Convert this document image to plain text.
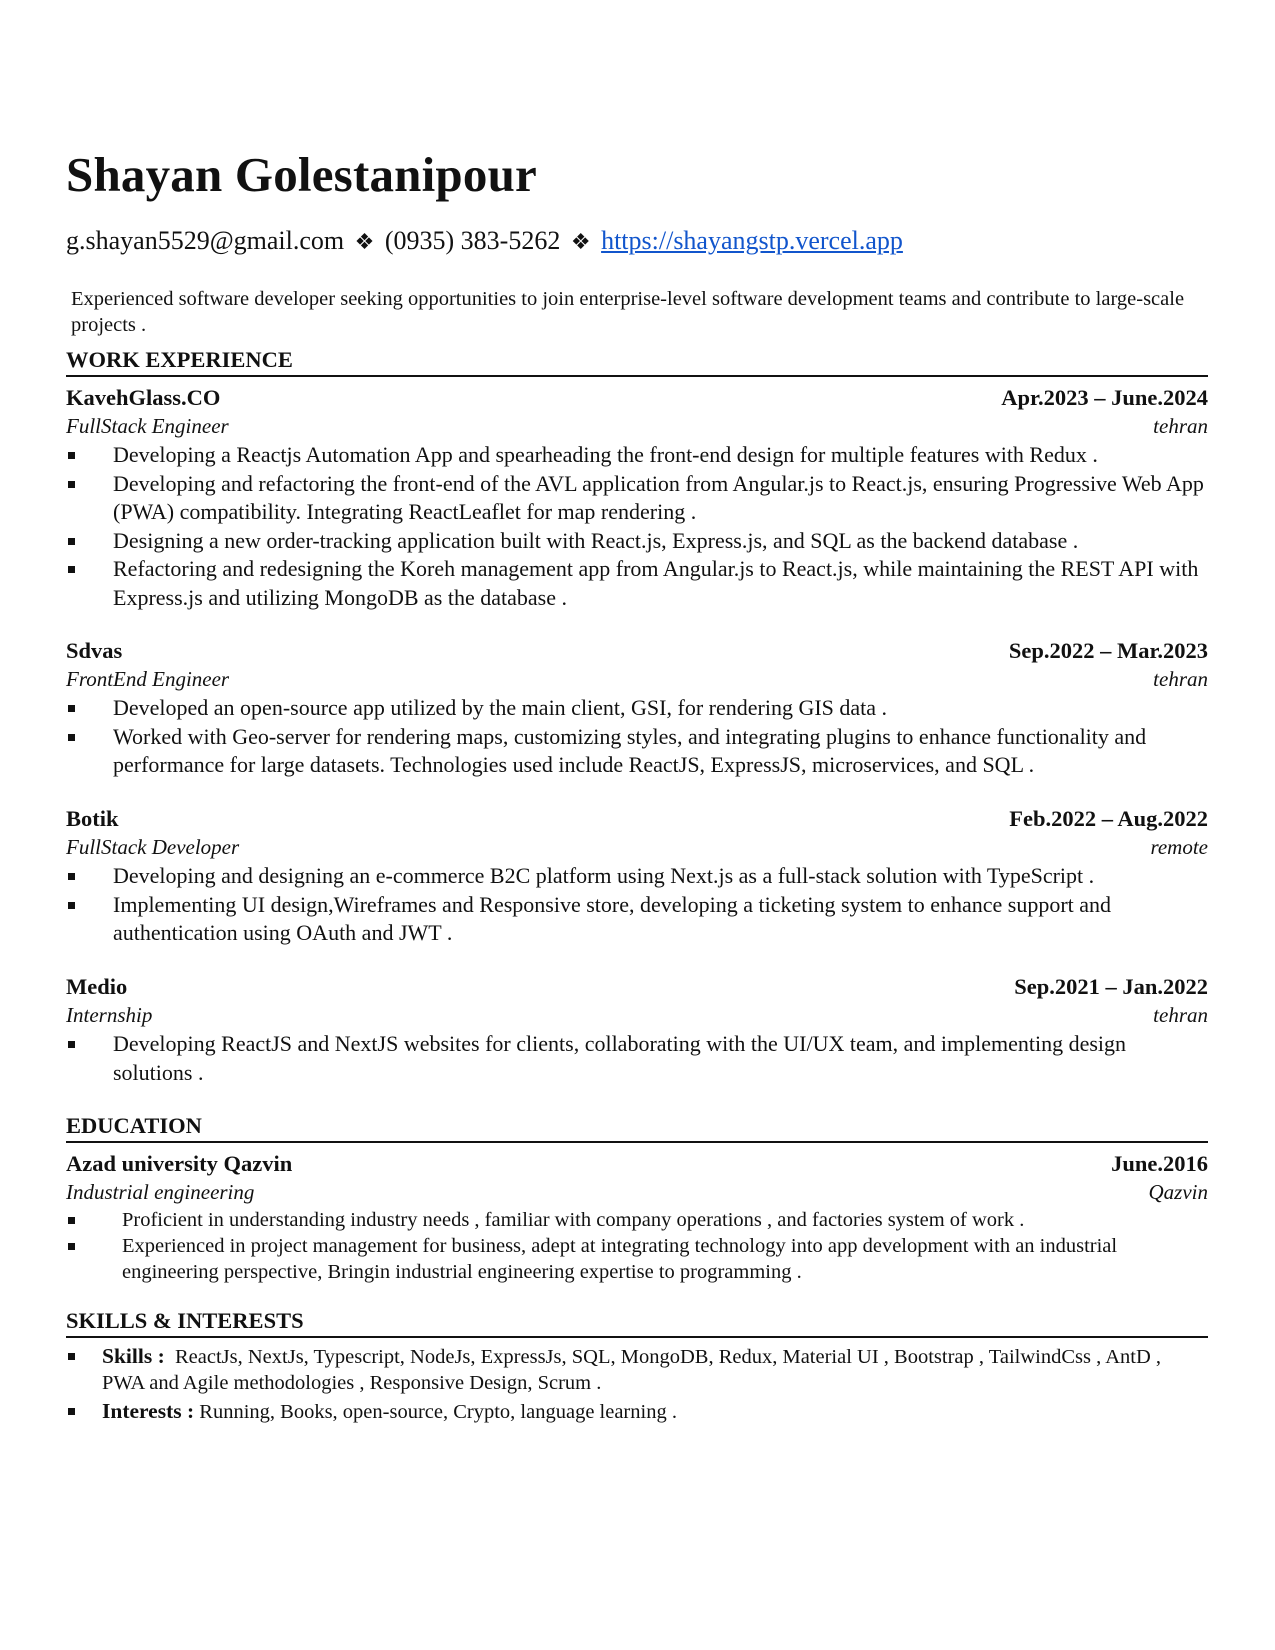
Shayan Golestanipour
g.shayan5529@gmail.com ❖ (0935) 383-5262 ❖ https://shayangstp.vercel.app
Experienced software developer seeking opportunities to join enterprise-level software development teams and contribute to large-scale projects .
WORK EXPERIENCE
KavehGlass.CO	Apr.2023 – June.2024
FullStack Engineer	tehran
Developing a Reactjs Automation App and spearheading the front-end design for multiple features with Redux .
Developing and refactoring the front-end of the AVL application from Angular.js to React.js, ensuring Progressive Web App (PWA) compatibility. Integrating ReactLeaflet for map rendering .
Designing a new order-tracking application built with React.js, Express.js, and SQL as the backend database .
Refactoring and redesigning the Koreh management app from Angular.js to React.js, while maintaining the REST API with Express.js and utilizing MongoDB as the database .
Sdvas	Sep.2022 – Mar.2023
FrontEnd Engineer	tehran
Developed an open-source app utilized by the main client, GSI, for rendering GIS data .
Worked with Geo-server for rendering maps, customizing styles, and integrating plugins to enhance functionality and performance for large datasets. Technologies used include ReactJS, ExpressJS, microservices, and SQL .
Botik	Feb.2022 – Aug.2022
FullStack Developer	remote
Developing and designing an e-commerce B2C platform using Next.js as a full-stack solution with TypeScript .
Implementing UI design,Wireframes and Responsive store, developing a ticketing system to enhance support and authentication using OAuth and JWT .
Medio	Sep.2021 – Jan.2022
Internship	tehran
Developing ReactJS and NextJS websites for clients, collaborating with the UI/UX team, and implementing design solutions .
EDUCATION
Azad university Qazvin	June.2016
Industrial engineering	Qazvin
Proficient in understanding industry needs , familiar with company operations , and factories system of work .
Experienced in project management for business, adept at integrating technology into app development with an industrial engineering perspective, Bringin industrial engineering expertise to programming .
SKILLS & INTERESTS
Skills : ReactJs, NextJs, Typescript, NodeJs, ExpressJs, SQL, MongoDB, Redux, Material UI , Bootstrap , TailwindCss , AntD , PWA and Agile methodologies , Responsive Design, Scrum .
Interests : Running, Books, open-source, Crypto, language learning .
